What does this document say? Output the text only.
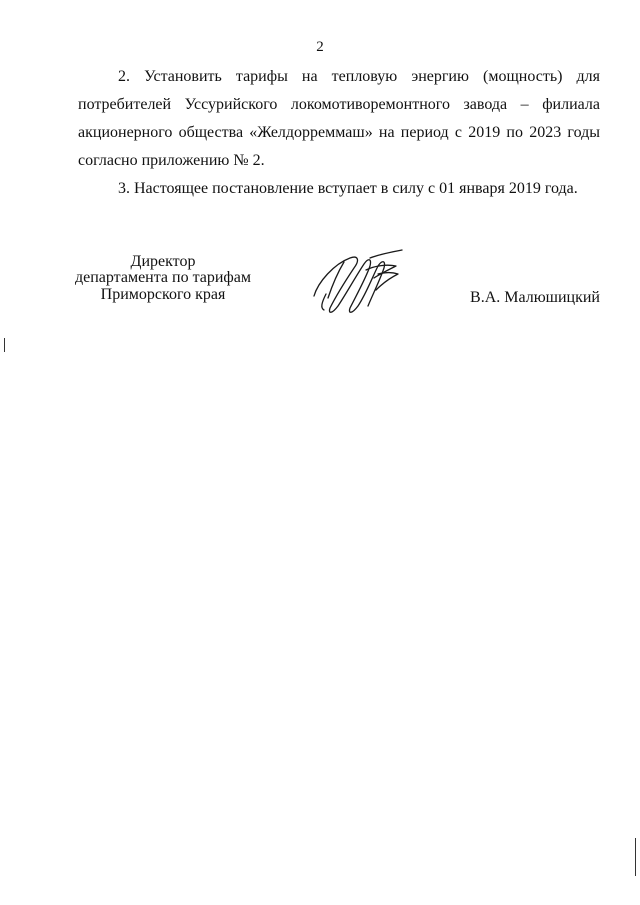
2

2. Установить тарифы на тепловую энергию (мощность) для
потребителей Уссурийского локомотиворемонтного завода – филиала
акционерного общества «Желдорреммаш» на период с 2019 по 2023 годы
согласно приложению № 2.

3. Настоящее постановление вступает в силу с 01 января 2019 года.

Директор
департамента по тарифам
Приморского края	В.А. Малюшицкий
